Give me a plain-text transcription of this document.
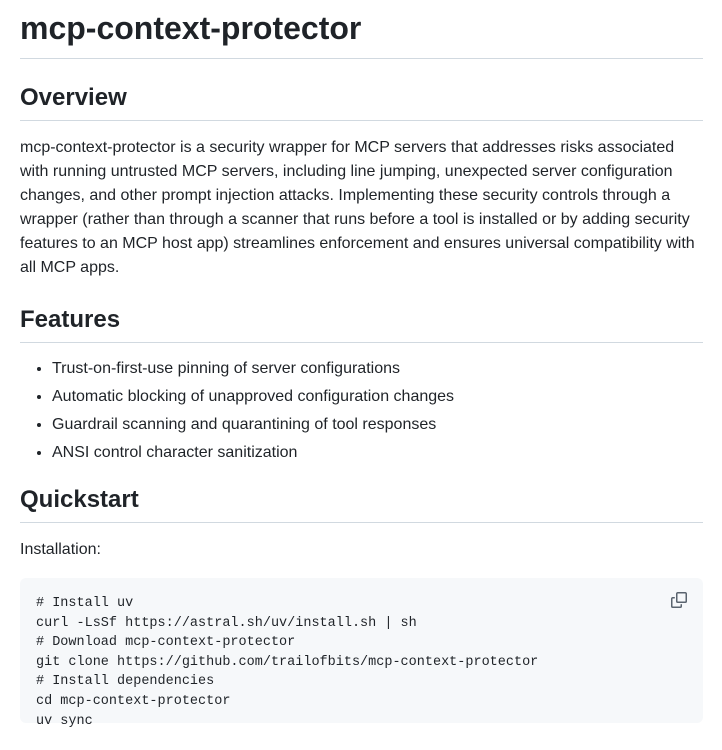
mcp-context-protector
Overview

mcp-context-protector is a security wrapper for MCP servers that addresses risks associated with running untrusted MCP servers, including line jumping, unexpected server configuration changes, and other prompt injection attacks. Implementing these security controls through a wrapper (rather than through a scanner that runs before a tool is installed or by adding security features to an MCP host app) streamlines enforcement and ensures universal compatibility with all MCP apps.

Features
• Trust-on-first-use pinning of server configurations
• Automatic blocking of unapproved configuration changes
• Guardrail scanning and quarantining of tool responses
• ANSI control character sanitization
Quickstart

Installation:

# Install uv
curl -LsSf https://astral.sh/uv/install.sh | sh
# Download mcp-context-protector
git clone https://github.com/trailofbits/mcp-context-protector
# Install dependencies
cd mcp-context-protector
uv sync
